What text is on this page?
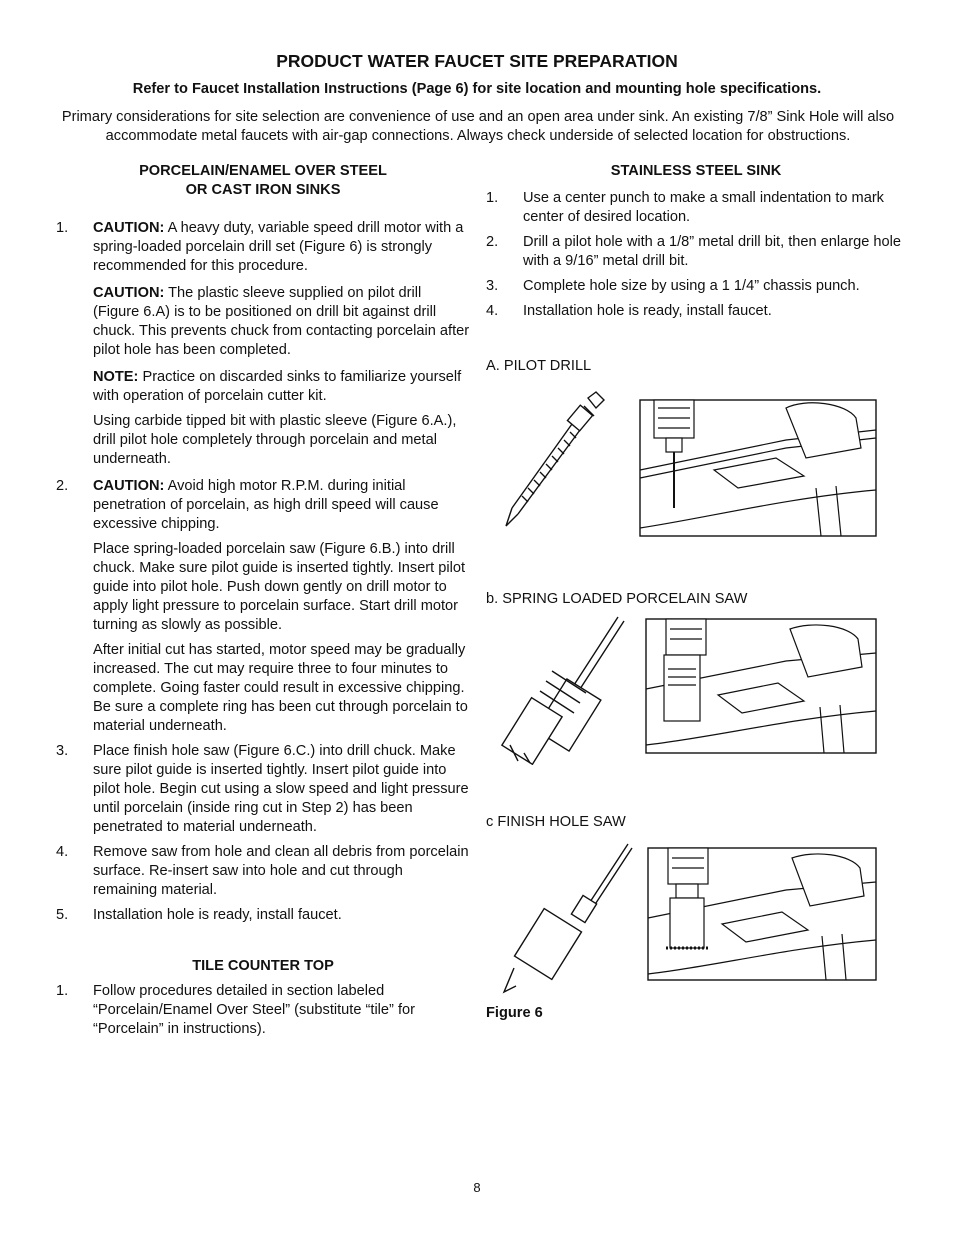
PRODUCT WATER FAUCET SITE PREPARATION
Refer to Faucet Installation Instructions (Page 6) for site location and mounting hole specifications.
Primary considerations for site selection are convenience of use and an open area under sink. An existing 7/8” Sink Hole will also accommodate metal faucets with air-gap connections. Always check underside of selected location for obstructions.
PORCELAIN/ENAMEL OVER STEEL
OR CAST IRON SINKS
1. CAUTION: A heavy duty, variable speed drill motor with a spring-loaded porcelain drill set (Figure 6) is strongly recommended for this procedure.
CAUTION: The plastic sleeve supplied on pilot drill (Figure 6.A) is to be positioned on drill bit against drill chuck. This prevents chuck from contacting porcelain after pilot hole has been completed.
NOTE: Practice on discarded sinks to familiarize yourself with operation of porcelain cutter kit.
Using carbide tipped bit with plastic sleeve (Figure 6.A.), drill pilot hole completely through porcelain and metal underneath.
2. CAUTION: Avoid high motor R.P.M. during initial penetration of porcelain, as high drill speed will cause excessive chipping.
Place spring-loaded porcelain saw (Figure 6.B.) into drill chuck. Make sure pilot guide is inserted tightly. Insert pilot guide into pilot hole. Push down gently on drill motor to apply light pressure to porcelain surface. Start drill motor turning as slowly as possible.
After initial cut has started, motor speed may be gradually increased. The cut may require three to four minutes to complete. Going faster could result in excessive chipping. Be sure a complete ring has been cut through porcelain to material underneath.
3. Place finish hole saw (Figure 6.C.) into drill chuck. Make sure pilot guide is inserted tightly. Insert pilot guide into pilot hole. Begin cut using a slow speed and light pressure until porcelain (inside ring cut in Step 2) has been penetrated to material underneath.
4. Remove saw from hole and clean all debris from porcelain surface. Re-insert saw into hole and cut through remaining material.
5. Installation hole is ready, install faucet.
TILE COUNTER TOP
1. Follow procedures detailed in section labeled “Porcelain/Enamel Over Steel” (substitute “tile” for “Porcelain” in instructions).
STAINLESS STEEL SINK
1. Use a center punch to make a small indentation to mark center of desired location.
2. Drill a pilot hole with a 1/8” metal drill bit, then enlarge hole with a 9/16” metal drill bit.
3. Complete hole size by using a 1 1/4” chassis punch.
4. Installation hole is ready, install faucet.
A. PILOT DRILL
b. SPRING LOADED PORCELAIN SAW
c FINISH HOLE SAW
Figure 6
8
